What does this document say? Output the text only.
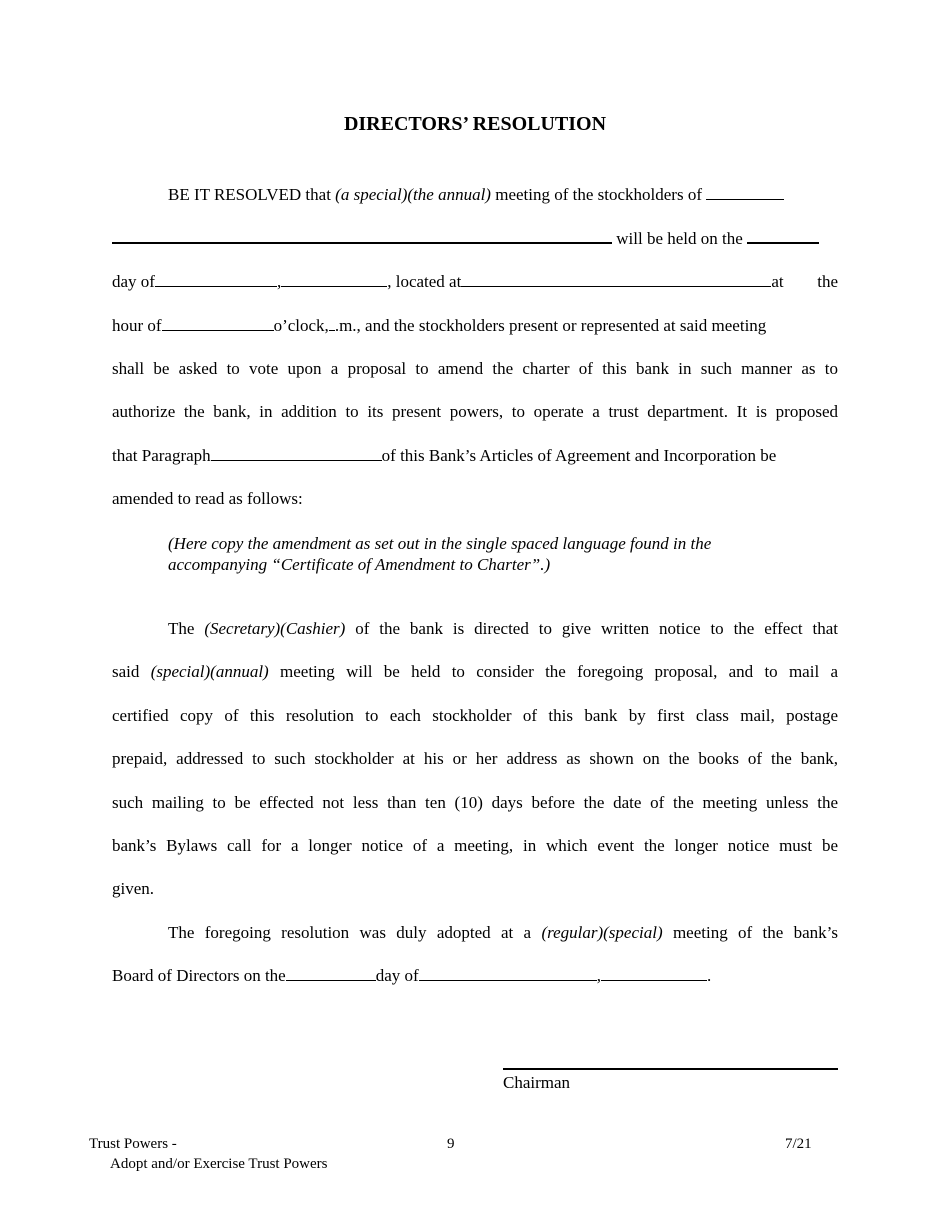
DIRECTORS’ RESOLUTION
BE IT RESOLVED that (a special)(the annual) meeting of the stockholders of
will be held on the
day of	,	, located at	at the
hour of	o’clock, .m., and the stockholders present or represented at said meeting
shall be asked to vote upon a proposal to amend the charter of this bank in such manner as to
authorize the bank, in addition to its present powers, to operate a trust department. It is proposed
that Paragraph	of this Bank’s Articles of Agreement and Incorporation be
amended to read as follows:
(Here copy the amendment as set out in the single spaced language found in the
accompanying “Certificate of Amendment to Charter”.)
The (Secretary)(Cashier) of the bank is directed to give written notice to the effect that
said (special)(annual) meeting will be held to consider the foregoing proposal, and to mail a
certified copy of this resolution to each stockholder of this bank by first class mail, postage
prepaid, addressed to such stockholder at his or her address as shown on the books of the bank,
such mailing to be effected not less than ten (10) days before the date of the meeting unless the
bank’s Bylaws call for a longer notice of a meeting, in which event the longer notice must be
given.
The foregoing resolution was duly adopted at a (regular)(special) meeting of the bank’s
Board of Directors on the	day of	,	.
Chairman
Trust Powers -
Adopt and/or Exercise Trust Powers
9	7/21
